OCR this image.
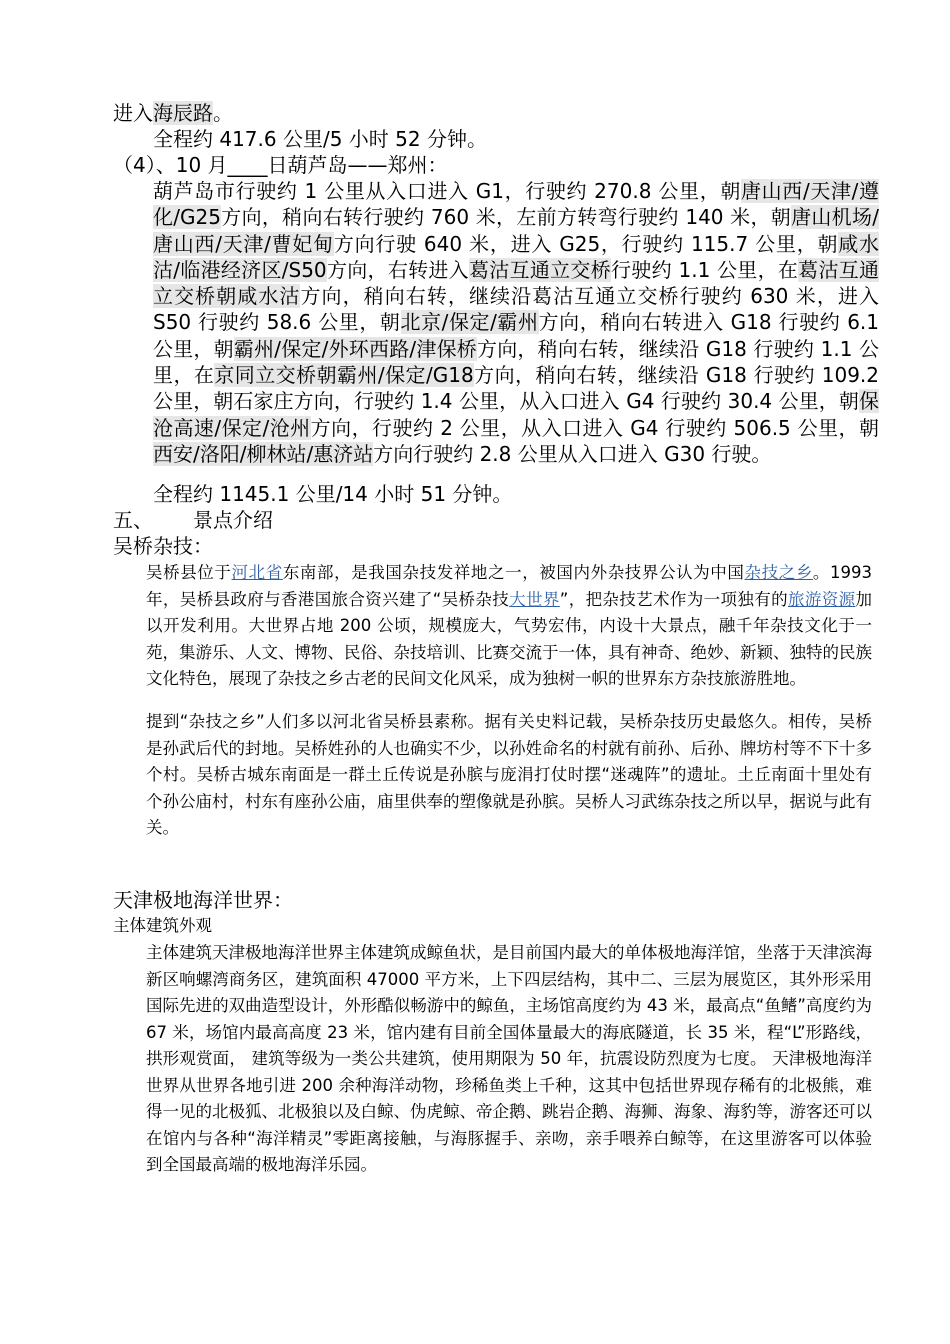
进入海辰路。

全程约 417.6 公里/5 小时 52 分钟。

（4）、10 月____日葫芦岛——郑州：

葫芦岛市行驶约 1 公里从入口进入 G1，行驶约 270.8 公里，朝唐山西/天津/遵化/G25方向，稍向右转行驶约 760 米，左前方转弯行驶约 140 米，朝唐山机场/唐山西/天津/曹妃甸方向行驶 640 米，进入 G25，行驶约 115.7 公里，朝咸水沽/临港经济区/S50方向，右转进入葛沽互通立交桥行驶约 1.1 公里，在葛沽互通立交桥朝咸水沽方向，稍向右转，继续沿葛沽互通立交桥行驶约 630 米，进入 S50 行驶约 58.6 公里，朝北京/保定/霸州方向，稍向右转进入 G18 行驶约 6.1 公里，朝霸州/保定/外环西路/津保桥方向，稍向右转，继续沿 G18 行驶约 1.1 公里，在京同立交桥朝霸州/保定/G18方向，稍向右转，继续沿 G18 行驶约 109.2 公里，朝石家庄方向，行驶约 1.4 公里，从入口进入 G4 行驶约 30.4 公里，朝保沧高速/保定/沧州方向，行驶约 2 公里，从入口进入 G4 行驶约 506.5 公里，朝西安/洛阳/柳林站/惠济站方向行驶约 2.8 公里从入口进入 G30 行驶。

全程约 1145.1 公里/14 小时 51 分钟。

五、 景点介绍

吴桥杂技：

吴桥县位于河北省东南部，是我国杂技发祥地之一，被国内外杂技界公认为中国杂技之乡。1993 年，吴桥县政府与香港国旅合资兴建了“吴桥杂技大世界”，把杂技艺术作为一项独有的旅游资源加以开发利用。大世界占地 200 公顷，规模庞大，气势宏伟，内设十大景点，融千年杂技文化于一苑，集游乐、人文、博物、民俗、杂技培训、比赛交流于一体，具有神奇、绝妙、新颖、独特的民族文化特色，展现了杂技之乡古老的民间文化风采，成为独树一帜的世界东方杂技旅游胜地。

提到“杂技之乡”人们多以河北省吴桥县素称。据有关史料记载，吴桥杂技历史最悠久。相传，吴桥是孙武后代的封地。吴桥姓孙的人也确实不少，以孙姓命名的村就有前孙、后孙、牌坊村等不下十多个村。吴桥古城东南面是一群土丘传说是孙膑与庞涓打仗时摆“迷魂阵”的遗址。土丘南面十里处有个孙公庙村，村东有座孙公庙，庙里供奉的塑像就是孙膑。吴桥人习武练杂技之所以早，据说与此有关。

天津极地海洋世界：

主体建筑外观

主体建筑天津极地海洋世界主体建筑成鲸鱼状，是目前国内最大的单体极地海洋馆，坐落于天津滨海新区响螺湾商务区，建筑面积 47000 平方米，上下四层结构，其中二、三层为展览区，其外形采用国际先进的双曲造型设计，外形酷似畅游中的鲸鱼，主场馆高度约为 43 米，最高点“鱼鳍”高度约为 67 米，场馆内最高高度 23 米，馆内建有目前全国体量最大的海底隧道，长 35 米，程“L”形路线，拱形观赏面， 建筑等级为一类公共建筑，使用期限为 50 年，抗震设防烈度为七度。 天津极地海洋世界从世界各地引进 200 余种海洋动物，珍稀鱼类上千种，这其中包括世界现存稀有的北极熊，难得一见的北极狐、北极狼以及白鲸、伪虎鲸、帝企鹅、跳岩企鹅、海狮、海象、海豹等，游客还可以在馆内与各种“海洋精灵”零距离接触，与海豚握手、亲吻，亲手喂养白鲸等，在这里游客可以体验到全国最高端的极地海洋乐园。
